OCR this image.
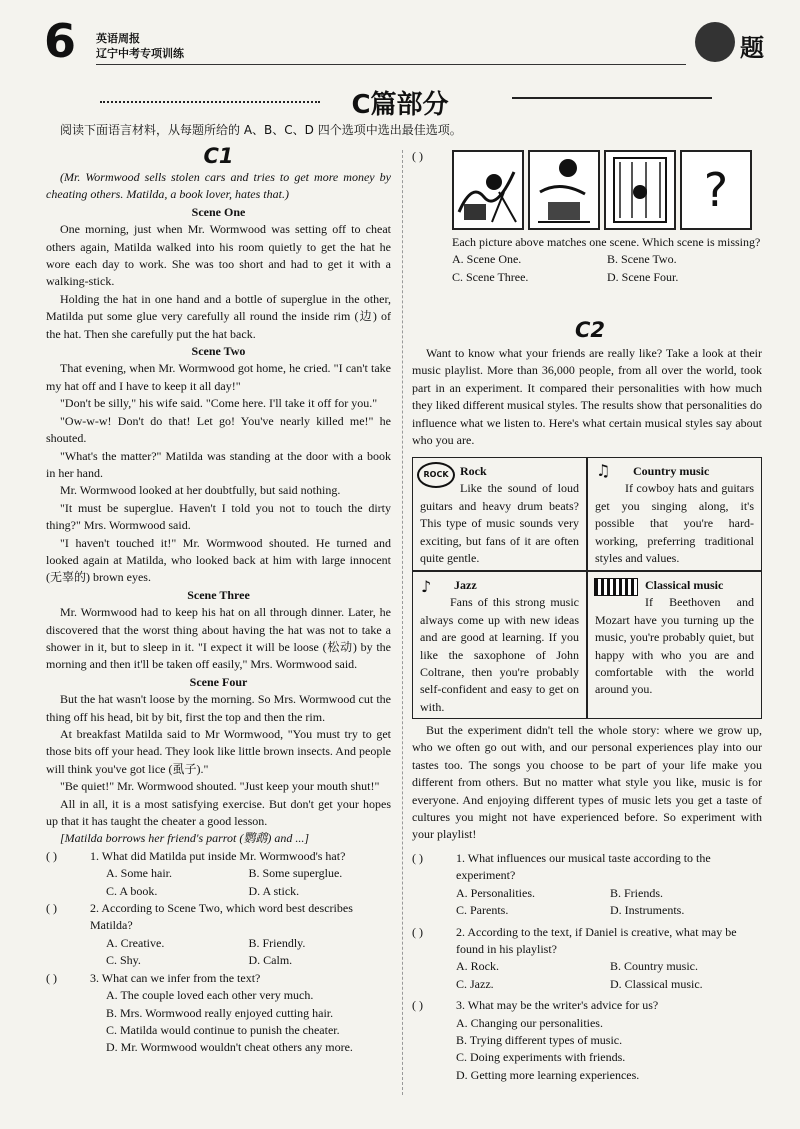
6 英语周报
辽宁中考专项训练	题
C篇部分
阅读下面语言材料，从每题所给的 A、B、C、D 四个选项中选出最佳选项。
C1

(Mr. Wormwood sells stolen cars and tries to get more money by cheating others. Matilda, a book lover, hates that.)

Scene One

One morning, just when Mr. Wormwood was setting off to cheat others again, Matilda walked into his room quietly to get the hat he wore each day to work. She was too short and had to get it with a walking-stick.

Holding the hat in one hand and a bottle of superglue in the other, Matilda put some glue very carefully all round the inside rim (边) of the hat. Then she carefully put the hat back.

Scene Two

That evening, when Mr. Wormwood got home, he cried. "I can't take my hat off and I have to keep it all day!"

"Don't be silly," his wife said. "Come here. I'll take it off for you."

"Ow-w-w! Don't do that! Let go! You've nearly killed me!" he shouted.

"What's the matter?" Matilda was standing at the door with a book in her hand.

Mr. Wormwood looked at her doubtfully, but said nothing.

"It must be superglue. Haven't I told you not to touch the dirty thing?" Mrs. Wormwood said.

"I haven't touched it!" Mr. Wormwood shouted. He turned and looked again at Matilda, who looked back at him with large innocent (无辜的) brown eyes.

Scene Three

Mr. Wormwood had to keep his hat on all through dinner. Later, he discovered that the worst thing about having the hat was not to take a shower in it, but to sleep in it. "I expect it will be loose (松动) by the morning and then it'll be taken off easily," Mrs. Wormwood said.

Scene Four

But the hat wasn't loose by the morning. So Mrs. Wormwood cut the thing off his head, bit by bit, first the top and then the rim.

At breakfast Matilda said to Mr Wormwood, "You must try to get those bits off your head. They look like little brown insects. And people will think you've got lice (虱子)."

"Be quiet!" Mr. Wormwood shouted. "Just keep your mouth shut!"

All in all, it is a most satisfying exercise. But don't get your hopes up that it has taught the cheater a good lesson.

[Matilda borrows her friend's parrot (鹦鹉) and ...]

( )	1. What did Matilda put inside Mr. Wormwood's hat?
A. Some hair.	B. Some superglue.
C. A book.	D. A stick.
( )	2. According to Scene Two, which word best describes Matilda?
A. Creative.	B. Friendly.
C. Shy.	D. Calm.
( )	3. What can we infer from the text?
A. The couple loved each other very much.
B. Mrs. Wormwood really enjoyed cutting hair.
C. Matilda would continue to punish the cheater.
D. Mr. Wormwood wouldn't cheat others any more.
( )
?
Each picture above matches one scene. Which scene is missing?
A. Scene One.	B. Scene Two.
C. Scene Three.	D. Scene Four.
C2

Want to know what your friends are really like? Take a look at their music playlist. More than 36,000 people, from all over the world, took part in an experiment. It compared their personalities with how much they liked different musical styles. The results show that personalities do influence what we listen to. Here's what certain musical styles say about who you are.

ROCK Rock
Like the sound of loud guitars and heavy drum beats? This type of music sounds very exciting, but fans of it are often quite gentle.
♫	Country music
If cowboy hats and guitars get you singing along, it's possible that you're hard-working, preferring traditional styles and values.
♪	Jazz
Fans of this strong music always come up with new ideas and are good at learning. If you like the saxophone of John Coltrane, then you're probably self-confident and easy to get on with.
Classical music
If Beethoven and Mozart have you turning up the music, you're probably quiet, but happy with who you are and comfortable with the world around you.

But the experiment didn't tell the whole story: where we grow up, who we often go out with, and our personal experiences play into our tastes too. The songs you choose to be part of your life make you different from others. But no matter what style you like, music is for everyone. And enjoying different types of music lets you get a taste of cultures you might not have experienced before. So experiment with your playlist!

( )	1. What influences our musical taste according to the experiment?
A. Personalities.	B. Friends.
C. Parents.	D. Instruments.
( )	2. According to the text, if Daniel is creative, what may be found in his playlist?
A. Rock.	B. Country music.
C. Jazz.	D. Classical music.
( )	3. What may be the writer's advice for us?
A. Changing our personalities.
B. Trying different types of music.
C. Doing experiments with friends.
D. Getting more learning experiences.
